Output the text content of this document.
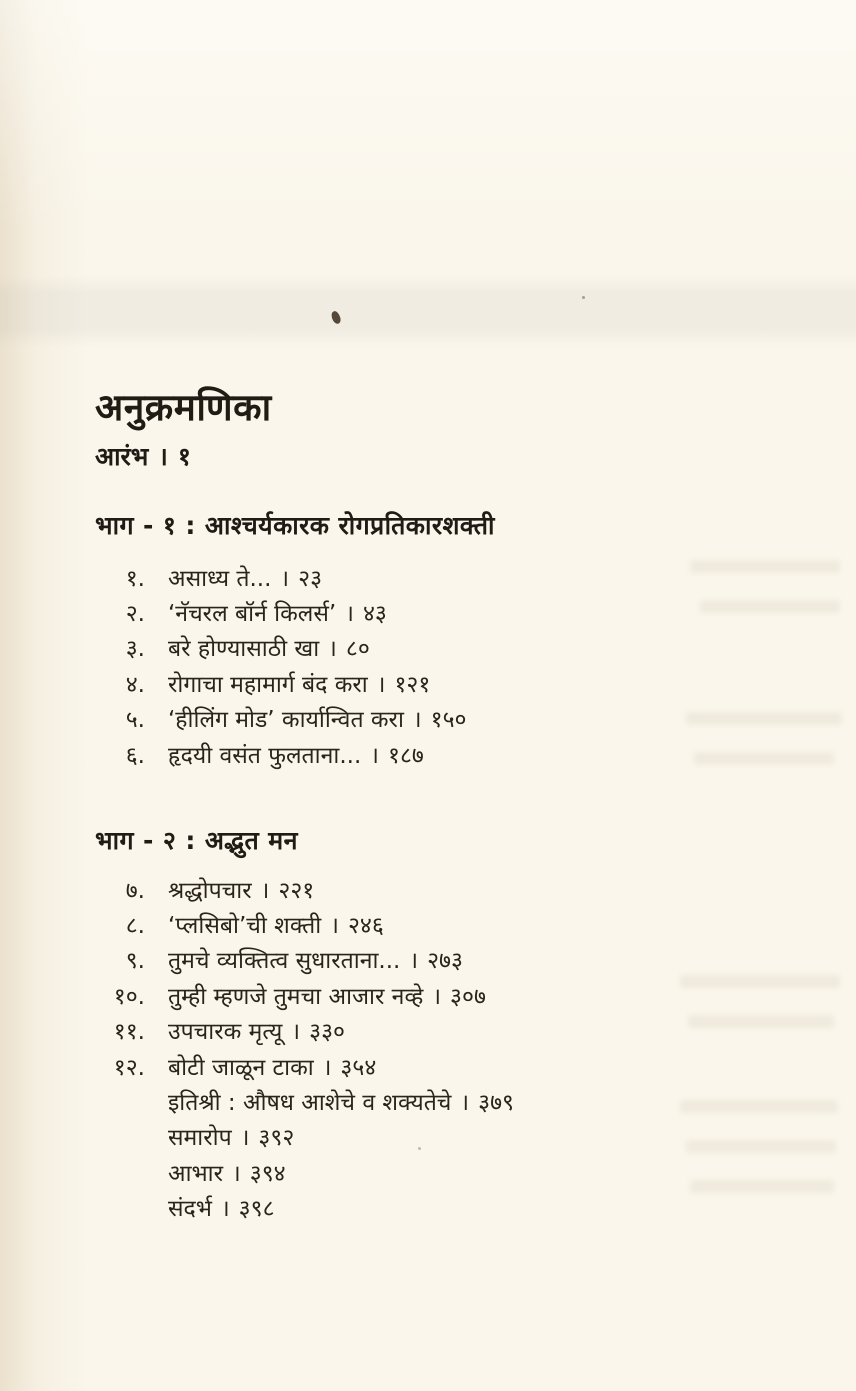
अनुक्रमणिका
आरंभ । १
भाग - १ : आश्चर्यकारक रोगप्रतिकारशक्ती
१. असाध्य ते... । २३
२. ‘नॅचरल बॉर्न किलर्स’ । ४३
३. बरे होण्यासाठी खा । ८०
४. रोगाचा महामार्ग बंद करा । १२१
५. ‘हीलिंग मोड’ कार्यान्वित करा । १५०
६. हृदयी वसंत फुलताना... । १८७
भाग - २ : अद्भुत मन
७. श्रद्धोपचार । २२१
८. ‘प्लसिबो’ची शक्ती । २४६
९. तुमचे व्यक्तित्व सुधारताना... । २७३
१०. तुम्ही म्हणजे तुमचा आजार नव्हे । ३०७
११. उपचारक मृत्यू । ३३०
१२. बोटी जाळून टाका । ३५४
इतिश्री : औषध आशेचे व शक्यतेचे । ३७९
समारोप । ३९२
आभार । ३९४
संदर्भ । ३९८
